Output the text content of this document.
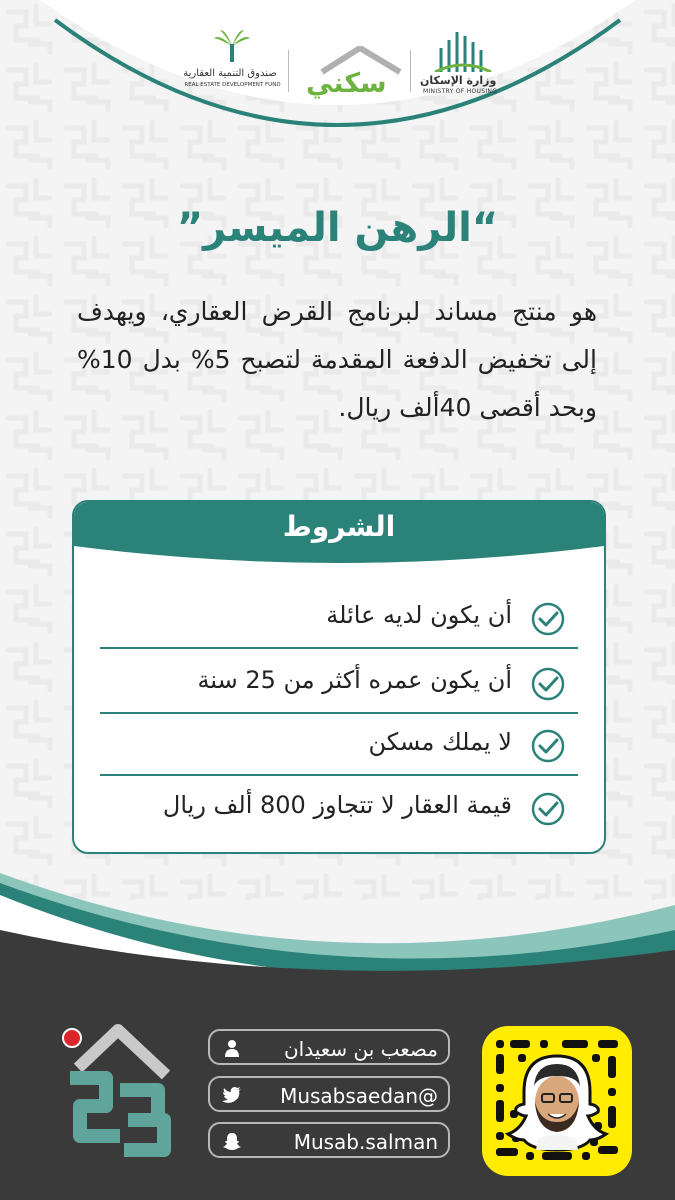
وزارة الإسكان
MINISTRY OF HOUSING
سكني
صندوق التنمية العقارية
REAL ESTATE DEVELOPMENT FUND
“الرهن الميسر”
هو منتج مساند لبرنامج القرض العقاري، ويهدف إلى تخفيض الدفعة المقدمة لتصبح 5% بدل 10% وبحد أقصى 40ألف ريال.
الشروط
أن يكون لديه عائلة
أن يكون عمره أكثر من 25 سنة
لا يملك مسكن
قيمة العقار لا تتجاوز 800 ألف ريال
مصعب بن سعيدان
@Musabsaedan
Musab.salman
